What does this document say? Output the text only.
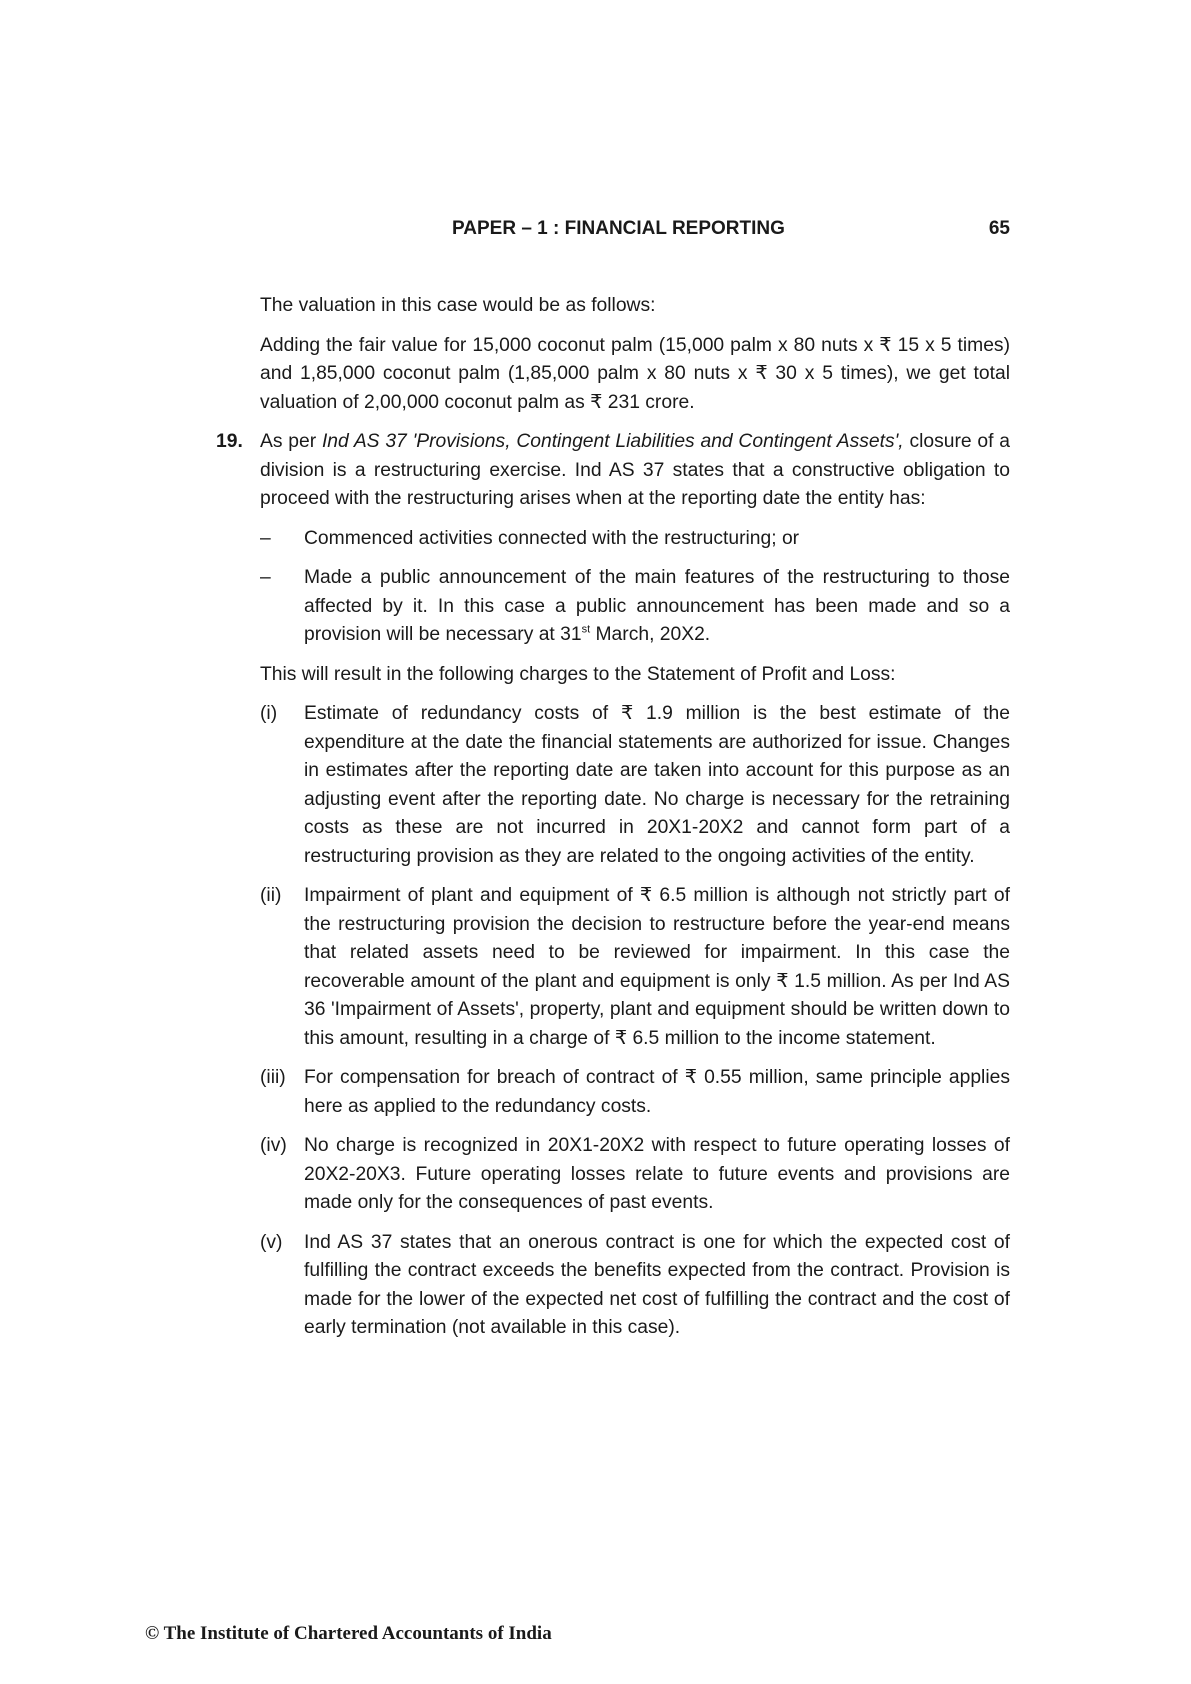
PAPER – 1 : FINANCIAL REPORTING	65

The valuation in this case would be as follows:

Adding the fair value for 15,000 coconut palm (15,000 palm x 80 nuts x ₹ 15 x 5 times) and 1,85,000 coconut palm (1,85,000 palm x 80 nuts x ₹ 30 x 5 times), we get total valuation of 2,00,000 coconut palm as ₹ 231 crore.

19. As per Ind AS 37 'Provisions, Contingent Liabilities and Contingent Assets', closure of a division is a restructuring exercise. Ind AS 37 states that a constructive obligation to proceed with the restructuring arises when at the reporting date the entity has:

– Commenced activities connected with the restructuring; or
– Made a public announcement of the main features of the restructuring to those affected by it. In this case a public announcement has been made and so a provision will be necessary at 31st March, 20X2.

This will result in the following charges to the Statement of Profit and Loss:

(i) Estimate of redundancy costs of ₹ 1.9 million is the best estimate of the expenditure at the date the financial statements are authorized for issue. Changes in estimates after the reporting date are taken into account for this purpose as an adjusting event after the reporting date. No charge is necessary for the retraining costs as these are not incurred in 20X1-20X2 and cannot form part of a restructuring provision as they are related to the ongoing activities of the entity.
(ii) Impairment of plant and equipment of ₹ 6.5 million is although not strictly part of the restructuring provision the decision to restructure before the year-end means that related assets need to be reviewed for impairment. In this case the recoverable amount of the plant and equipment is only ₹ 1.5 million. As per Ind AS 36 'Impairment of Assets', property, plant and equipment should be written down to this amount, resulting in a charge of ₹ 6.5 million to the income statement.
(iii) For compensation for breach of contract of ₹ 0.55 million, same principle applies here as applied to the redundancy costs.
(iv) No charge is recognized in 20X1-20X2 with respect to future operating losses of 20X2-20X3. Future operating losses relate to future events and provisions are made only for the consequences of past events.
(v) Ind AS 37 states that an onerous contract is one for which the expected cost of fulfilling the contract exceeds the benefits expected from the contract. Provision is made for the lower of the expected net cost of fulfilling the contract and the cost of early termination (not available in this case).
© The Institute of Chartered Accountants of India
